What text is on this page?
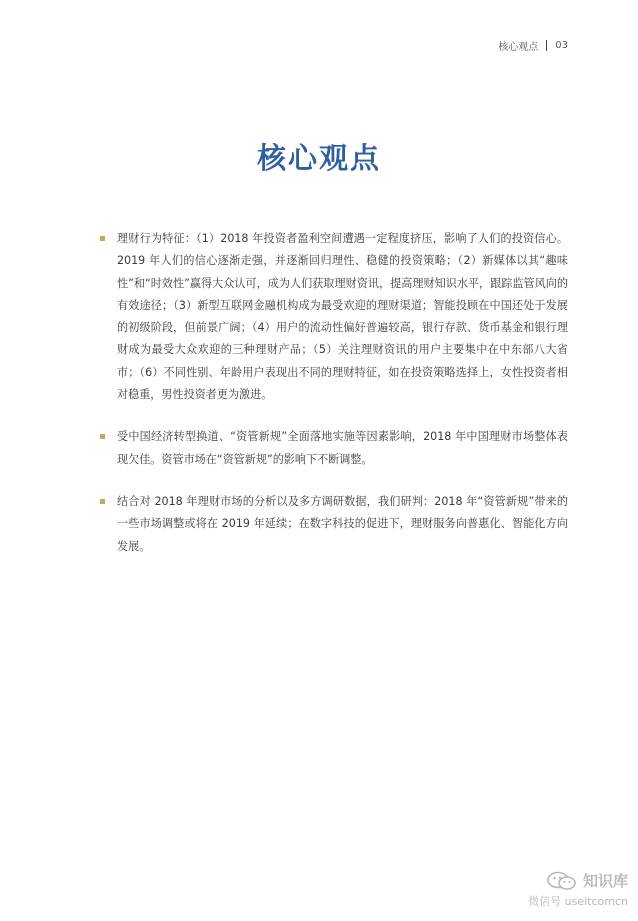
核心观点 03
核心观点
理财行为特征：（1）2018 年投资者盈利空间遭遇一定程度挤压，影响了人们的投资信心。2019 年人们的信心逐渐走强，并逐渐回归理性、稳健的投资策略；（2）新媒体以其“趣味性”和“时效性”赢得大众认可，成为人们获取理财资讯，提高理财知识水平，跟踪监管风向的有效途径；（3）新型互联网金融机构成为最受欢迎的理财渠道；智能投顾在中国还处于发展的初级阶段，但前景广阔；（4）用户的流动性偏好普遍较高，银行存款、货币基金和银行理财成为最受大众欢迎的三种理财产品；（5）关注理财资讯的用户主要集中在中东部八大省市；（6）不同性别、年龄用户表现出不同的理财特征，如在投资策略选择上，女性投资者相对稳重，男性投资者更为激进。
受中国经济转型换道、“资管新规”全面落地实施等因素影响，2018 年中国理财市场整体表现欠佳。资管市场在“资管新规”的影响下不断调整。
结合对 2018 年理财市场的分析以及多方调研数据，我们研判：2018 年“资管新规”带来的一些市场调整或将在 2019 年延续；在数字科技的促进下，理财服务向普惠化、智能化方向发展。
知识库
微信号 useitcomcn
